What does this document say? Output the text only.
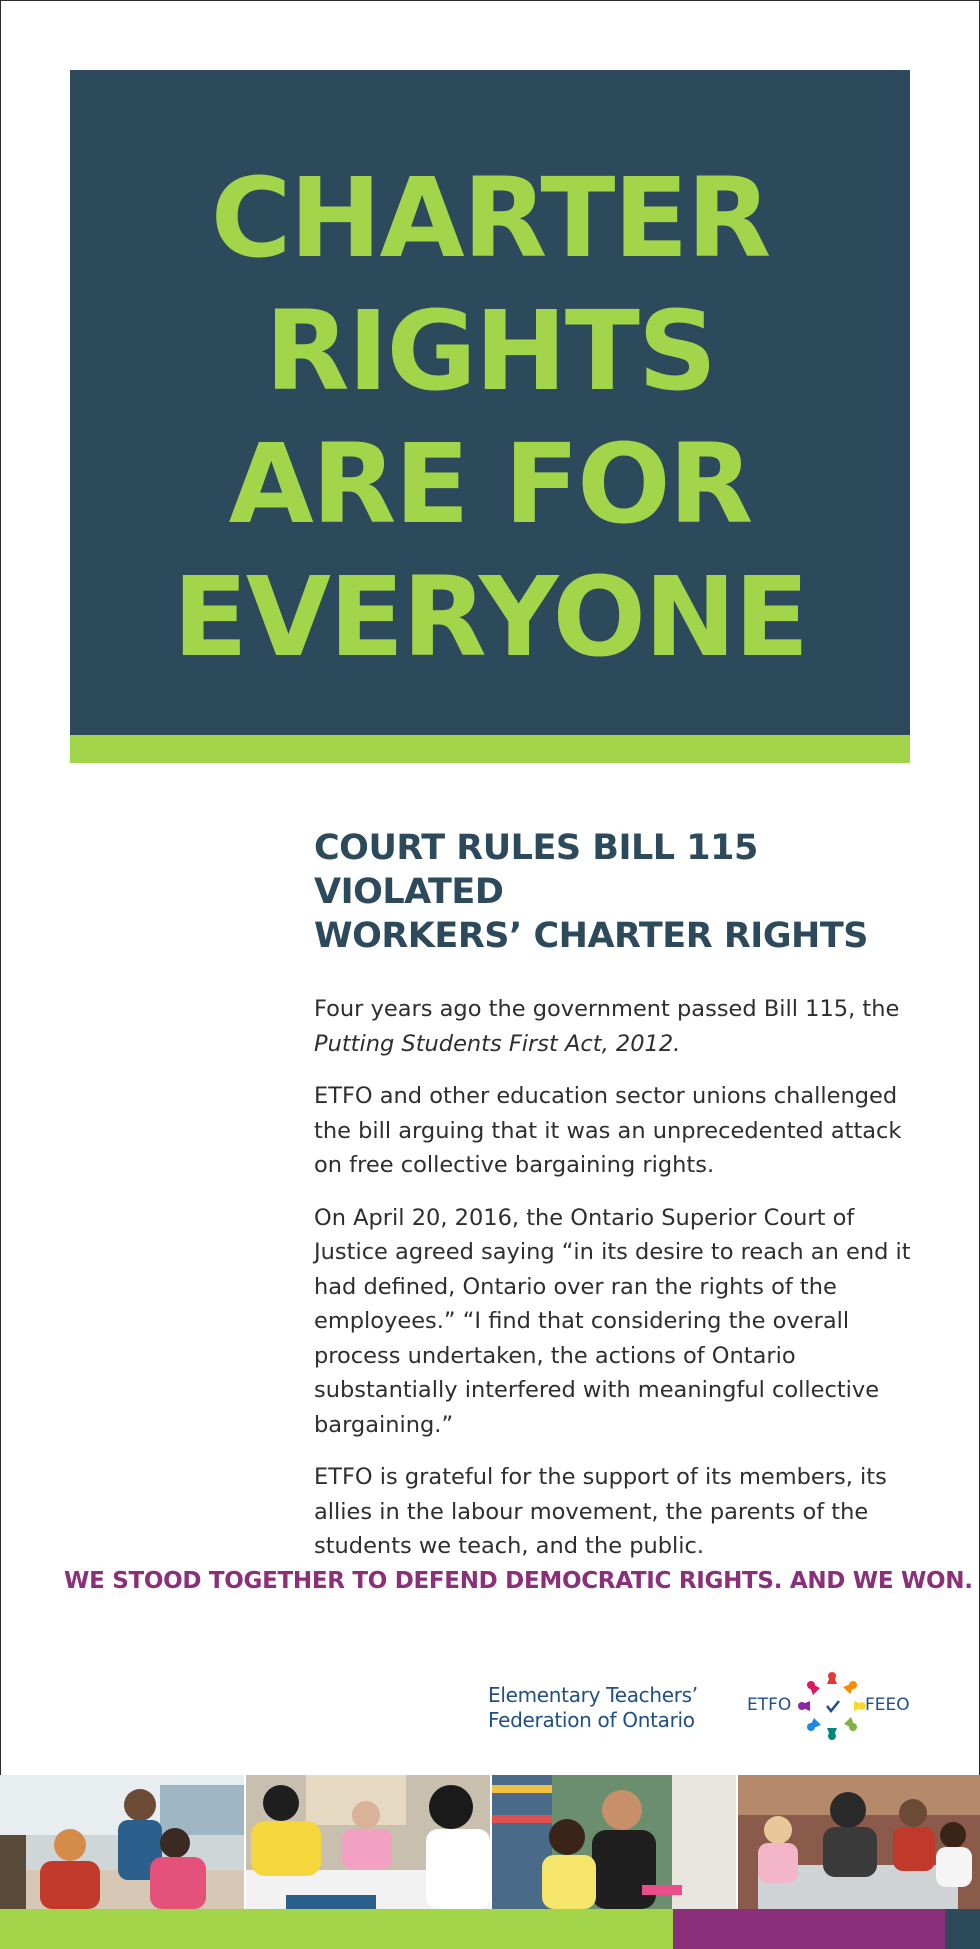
CHARTER
RIGHTS
ARE FOR
EVERYONE
COURT RULES BILL 115 VIOLATED
WORKERS’ CHARTER RIGHTS

Four years ago the government passed Bill 115, the Putting Students First Act, 2012.

ETFO and other education sector unions challenged the bill arguing that it was an unprecedented attack on free collective bargaining rights.

On April 20, 2016, the Ontario Superior Court of Justice agreed saying “in its desire to reach an end it had defined, Ontario over ran the rights of the employees.” “I find that considering the overall process undertaken, the actions of Ontario substantially interfered with meaningful collective bargaining.”

ETFO is grateful for the support of its members, its allies in the labour movement, the parents of the students we teach, and the public.

WE STOOD TOGETHER TO DEFEND DEMOCRATIC RIGHTS. AND WE WON.
Elementary Teachers’
Federation of Ontario
ETFO	FEEO
